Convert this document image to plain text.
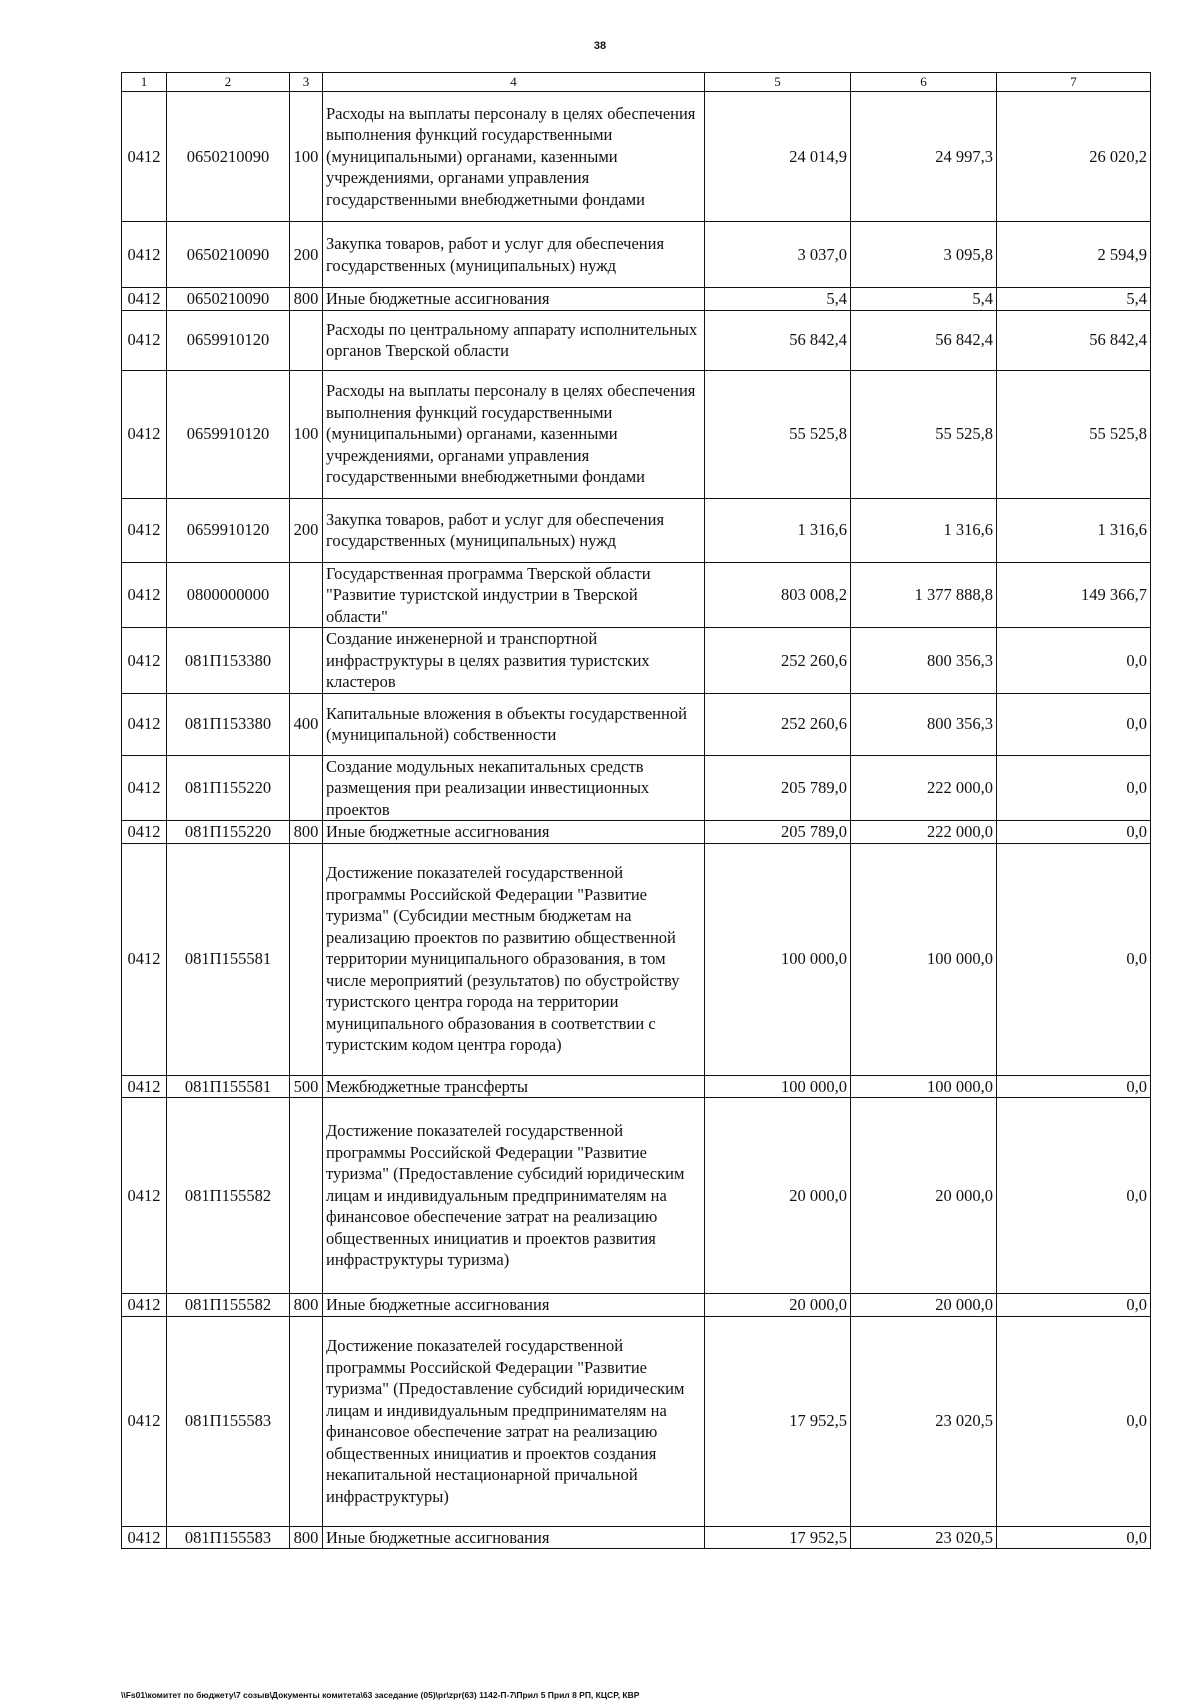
38
1	2	3	4	5	6	7
0412	0650210090	100	Расходы на выплаты персоналу в целях обеспечения выполнения функций государственными (муниципальными) органами, казенными учреждениями, органами управления государственными внебюджетными фондами	24 014,9	24 997,3	26 020,2
0412	0650210090	200	Закупка товаров, работ и услуг для обеспечения государственных (муниципальных) нужд	3 037,0	3 095,8	2 594,9
0412	0650210090	800	Иные бюджетные ассигнования	5,4	5,4	5,4
0412	0659910120		Расходы по центральному аппарату исполнительных органов Тверской области	56 842,4	56 842,4	56 842,4
0412	0659910120	100	Расходы на выплаты персоналу в целях обеспечения выполнения функций государственными (муниципальными) органами, казенными учреждениями, органами управления государственными внебюджетными фондами	55 525,8	55 525,8	55 525,8
0412	0659910120	200	Закупка товаров, работ и услуг для обеспечения государственных (муниципальных) нужд	1 316,6	1 316,6	1 316,6
0412	0800000000		Государственная программа Тверской области "Развитие туристской индустрии в Тверской области"	803 008,2	1 377 888,8	149 366,7
0412	081П153380		Создание инженерной и транспортной инфраструктуры в целях развития туристских кластеров	252 260,6	800 356,3	0,0
0412	081П153380	400	Капитальные вложения в объекты государственной (муниципальной) собственности	252 260,6	800 356,3	0,0
0412	081П155220		Создание модульных некапитальных средств размещения при реализации инвестиционных проектов	205 789,0	222 000,0	0,0
0412	081П155220	800	Иные бюджетные ассигнования	205 789,0	222 000,0	0,0
0412	081П155581		Достижение показателей государственной программы Российской Федерации "Развитие туризма" (Субсидии местным бюджетам на реализацию проектов по развитию общественной территории муниципального образования, в том числе мероприятий (результатов) по обустройству туристского центра города на территории муниципального образования в соответствии с туристским кодом центра города)	100 000,0	100 000,0	0,0
0412	081П155581	500	Межбюджетные трансферты	100 000,0	100 000,0	0,0
0412	081П155582		Достижение показателей государственной программы Российской Федерации "Развитие туризма" (Предоставление субсидий юридическим лицам и индивидуальным предпринимателям на финансовое обеспечение затрат на реализацию общественных инициатив и проектов развития инфраструктуры туризма)	20 000,0	20 000,0	0,0
0412	081П155582	800	Иные бюджетные ассигнования	20 000,0	20 000,0	0,0
0412	081П155583		Достижение показателей государственной программы Российской Федерации "Развитие туризма" (Предоставление субсидий юридическим лицам и индивидуальным предпринимателям на финансовое обеспечение затрат на реализацию общественных инициатив и проектов создания некапитальной нестационарной причальной инфраструктуры)	17 952,5	23 020,5	0,0
0412	081П155583	800	Иные бюджетные ассигнования	17 952,5	23 020,5	0,0
\\Fs01\комитет по бюджету\7 созыв\Документы комитета\63 заседание (05)\pr\zpr(63) 1142-П-7\Прил 5 Прил 8 РП, КЦСР, КВР
